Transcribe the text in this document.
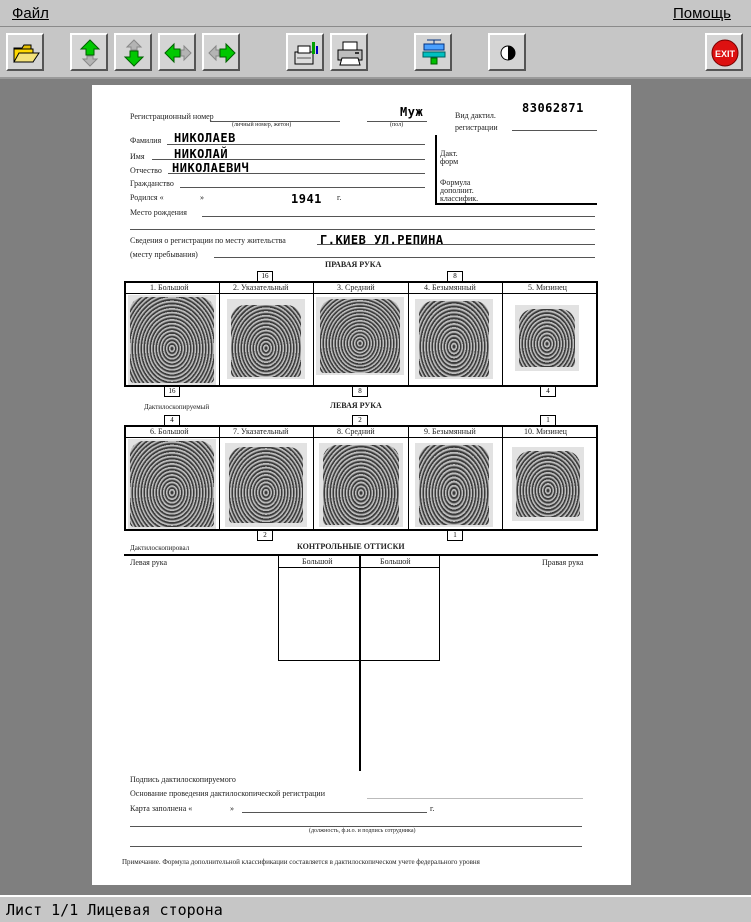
Файл	Помощь
EXIT
Регистрационный номер
(личный номер, жетон)
Муж
(пол)
Вид дактил.
регистрации
83062871
Дакт.
форм
Формула
дополнит.
классифик.
Фамилия НИКОЛАЕВ
Имя НИКОЛАЙ
Отчество НИКОЛАЕВИЧ
Гражданство
Родился «	»	1941 г.
Место рождения
Сведения о регистрации по месту жительства	Г.КИЕВ УЛ.РЕПИНА
(месту пребывания)
ПРАВАЯ РУКА
16	8
1. Большой	2. Указательный	3. Средний	4. Безымянный	5. Мизинец
16	8	4
Дактилоскопируемый	ЛЕВАЯ РУКА
4	2	1
6. Большой	7. Указательный	8. Средний	9. Безымянный	10. Мизинец
2	1
Дактилоскопировал	КОНТРОЛЬНЫЕ ОТТИСКИ
Левая рука	Правая рука
Большой	Большой
Подпись дактилоскопируемого
Основание проведения дактилоскопической регистрации
Карта заполнена «	»	г.
(должность, ф.и.о. и подпись сотрудника)
Примечание. Формула дополнительной классификации составляется в дактилоскопическом учете федерального уровня
Лист 1/1 Лицевая сторона
